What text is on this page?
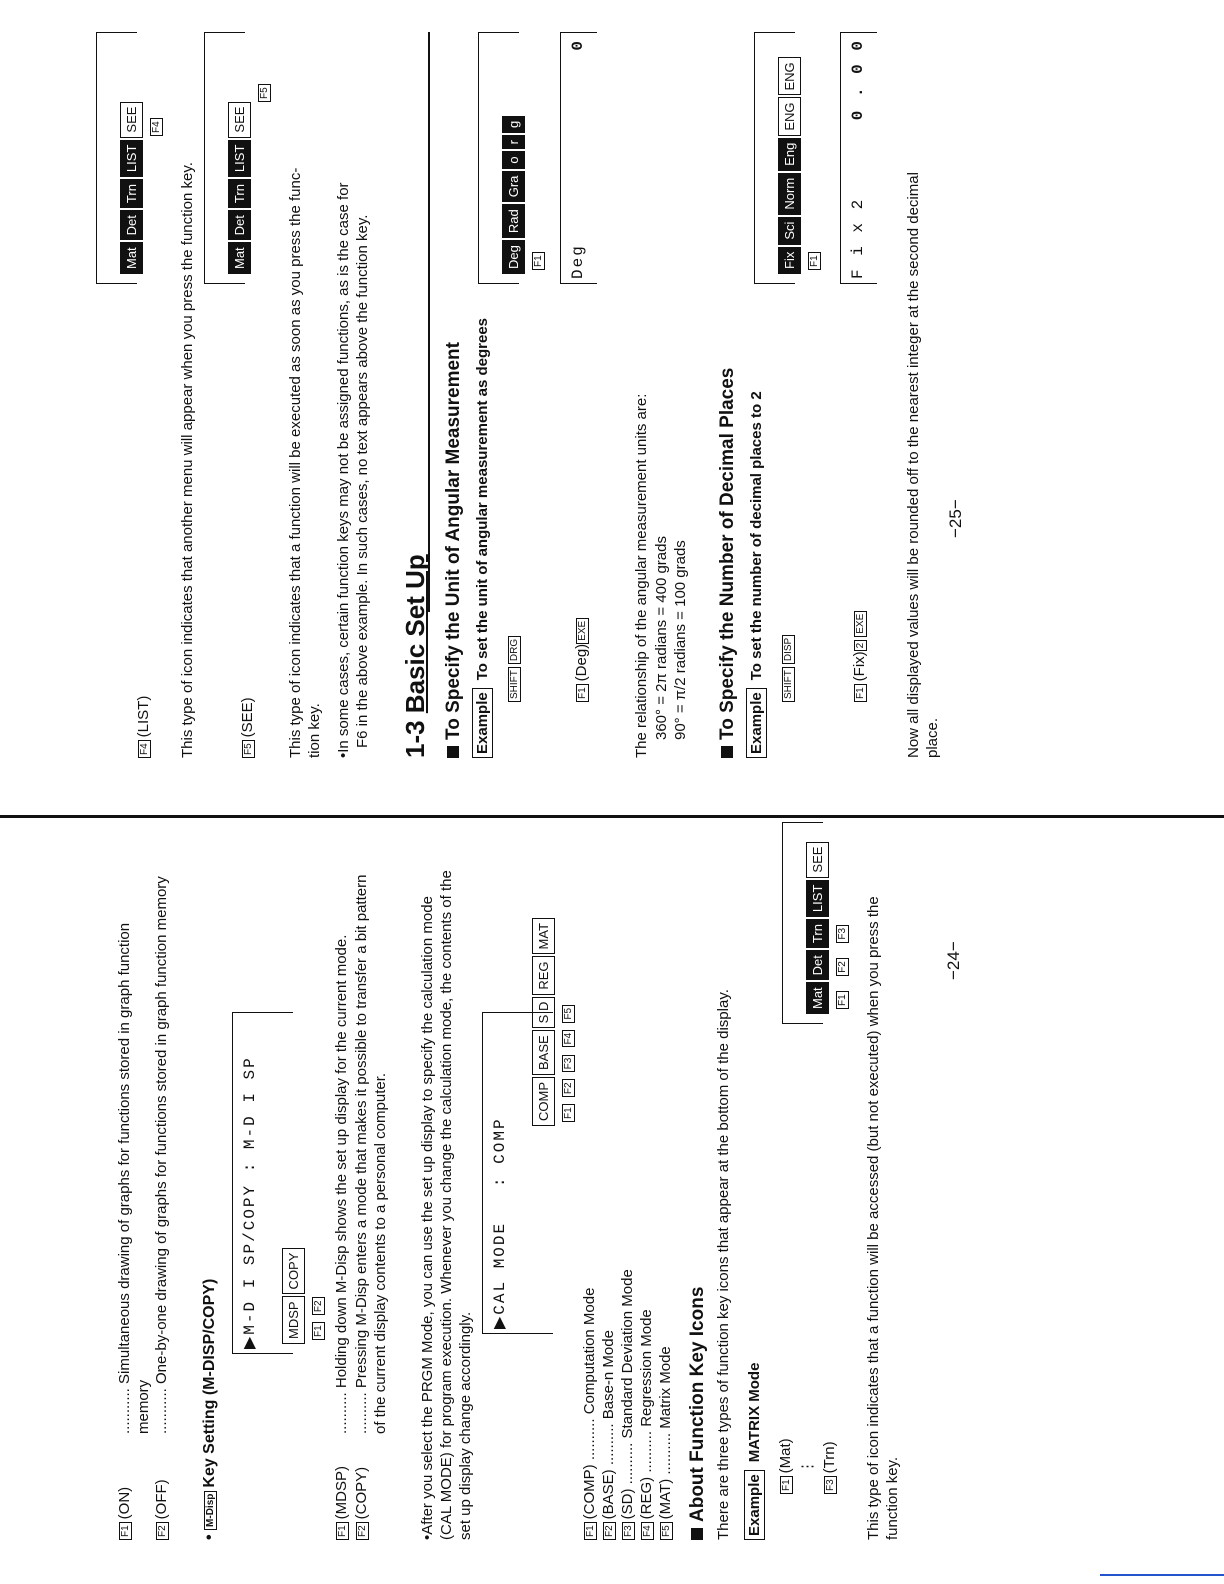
F1(ON)
........... Simultaneous drawing of graphs for functions stored in graph function memory
F2(OFF)
........... One-by-one drawing of graphs for functions stored in graph function memory
• M-DispKey Setting (M-DISP/COPY)
▶M-D I SP/COPY : M-D I SP	MDSPCOPY
F1 F2
F1(MDSP)
.......... Holding down M-Disp shows the set up display for the current mode.
F2(COPY)
.......... Pressing M-Disp enters a mode that makes it possible to transfer a bit pattern of the current display contents to a personal computer. •After you select the PRGM Mode, you can use the set up display to specify the calculation mode (CAL MODE) for program execution. Whenever you change the calculation mode, the contents of the set up display change accordingly.
▶CAL MODE   : COMP
COMPBASES DREGMAT
F1 F2 F3 F4 F5
F1(COMP) .......... Computation Mode
F2(BASE) .......... Base-n Mode
F3(SD) .......... Standard Deviation Mode
F4(REG) .......... Regression Mode
F5(MAT) .......... Matrix Mode About Function Key Icons There are three types of function key icons that appear at the bottom of the display. ExampleMATRIX Mode
F1(Mat) ⋮
F3(Trn)
MatDetTrnLISTSEE
F1   F2   F3 This type of icon indicates that a function will be accessed (but not executed) when you press the function key.
−24−
F4(LIST)
MatDetTrnLISTSEE	F4
This type of icon indicates that another menu will appear when you press the function key.	F5(SEE)
MatDetTrnLISTSEE
F5
This type of icon indicates that a function will be executed as soon as you press the func- tion key. •In some cases, certain function keys may not be assigned functions, as is the case for F6 in the above example. In such cases, no text appears above the function key. 1-3 Basic Set Up To Specify the Unit of Angular Measurement ExampleTo set the unit of angular measurement as degrees
SHIFTDRG
DegRadGraorg
F1
F1(Deg)EXE
Deg
0
The relationship of the angular measurement units are: 360° = 2π radians = 400 grads 90° = π/2 radians = 100 grads To Specify the Number of Decimal Places ExampleTo set the number of decimal places to 2
SHIFTDISP
FixSciNormEngENGENG
F1
F1(Fix)2EXE
F i x 2
0 . 0 0
−25−
Now all displayed values will be rounded off to the nearest integer at the second decimal place.
